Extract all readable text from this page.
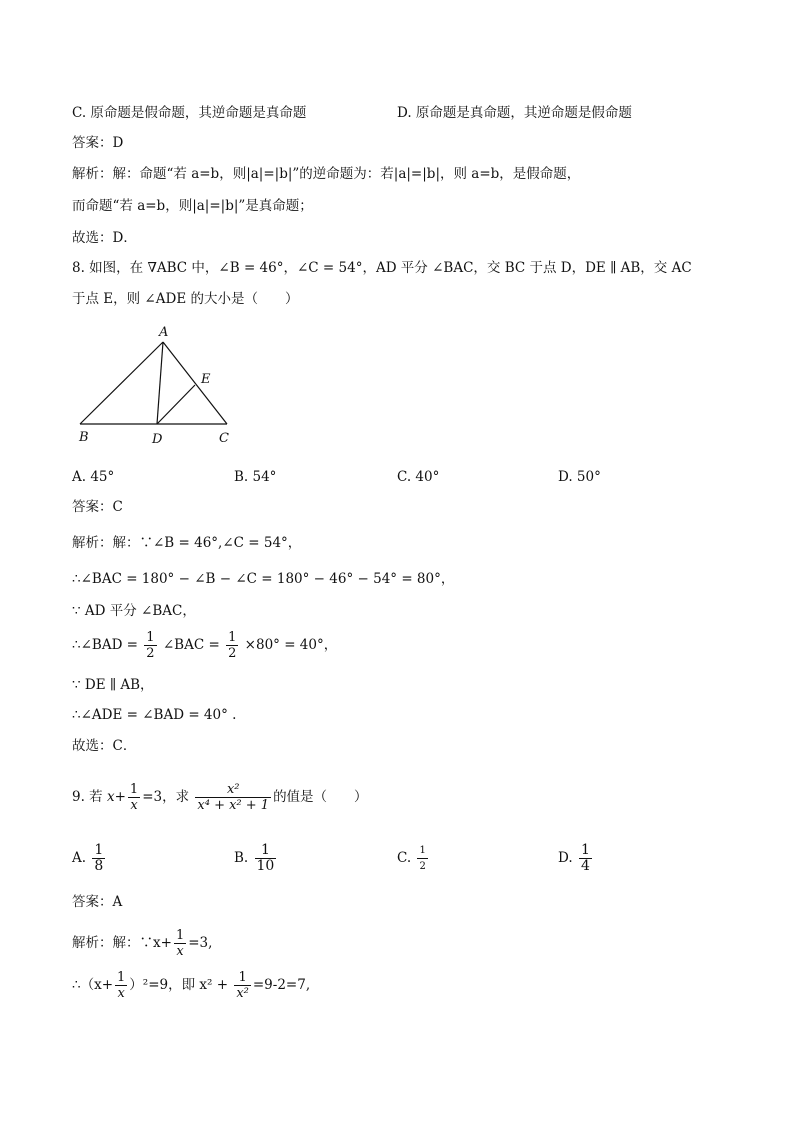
C. 原命题是假命题，其逆命题是真命题	D. 原命题是真命题，其逆命题是假命题
答案：D
解析：解：命题“若 a=b，则|a|=|b|”的逆命题为：若|a|=|b|，则 a=b，是假命题，
而命题“若 a=b，则|a|=|b|”是真命题；
故选：D．
8. 如图，在 ∇ABC 中，∠B = 46°，∠C = 54°，AD 平分 ∠BAC，交 BC 于点 D，DE ∥ AB，交 AC
于点 E，则 ∠ADE 的大小是（　　）
A
B	C
D
E
A. 45°	B. 54°	C. 40°	D. 50°
答案：C
解析：解：∵∠B = 46°,∠C = 54°，
∴∠BAC = 180° − ∠B − ∠C = 180° − 46° − 54° = 80°，
∵ AD 平分 ∠BAC，
∴∠BAD = $\frac{1}{2}$ ∠BAC = $\frac{1}{2} \times 80^\circ = 40^\circ$，
∵ DE ∥ AB，
∴∠ADE = ∠BAD = 40° .
故选：C．
9. 若 $x+ \frac{1}{x} =3$，求 $\frac{\text{x²}}{\text{x⁴ + x² + 1}}$ 的值是（　　）
A. $\frac{1}{8}$	B. $\frac{1}{10}$	C. $\frac{1}{2}$	D. $\frac{1}{4}$
答案：A
解析：解：∵x+ $\frac{1}{x} =3$,
∴（x+ $\frac{1}{x} )^2=9$，即 $x^2 + \frac{1}{\text{x²}} =9-2=7$,
